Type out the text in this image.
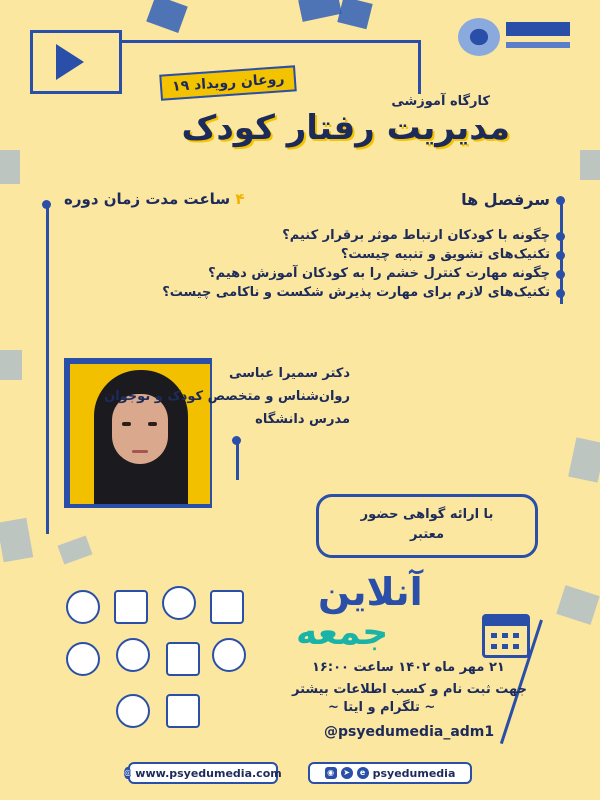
روعان رویداد ۱۹
کارگاه آموزشی
مدیریت رفتار کودک
۴ ساعت مدت زمان دوره	سرفصل ها
چگونه با کودکان ارتباط موثر برقرار کنیم؟
تکنیک‌های تشویق و تنبیه چیست؟
چگونه مهارت کنترل خشم را به کودکان آموزش دهیم؟
تکنیک‌های لازم برای مهارت پذیرش شکست و ناکامی چیست؟
دکتر سمیرا عباسی
روان‌شناس و متخصص کودک و نوجوان
مدرس دانشگاه
با ارائه گواهی حضور
معتبر
آنلاین
جمعه
۲۱ مهر ماه ۱۴۰۲ ساعت ۱۶:۰۰
جهت ثبت نام و کسب اطلاعات بیشتر
~ تلگرام و ایتا ~
@psyedumedia_adm1
◎ www.psyedumedia.com	◉	➤	e psyedumedia
